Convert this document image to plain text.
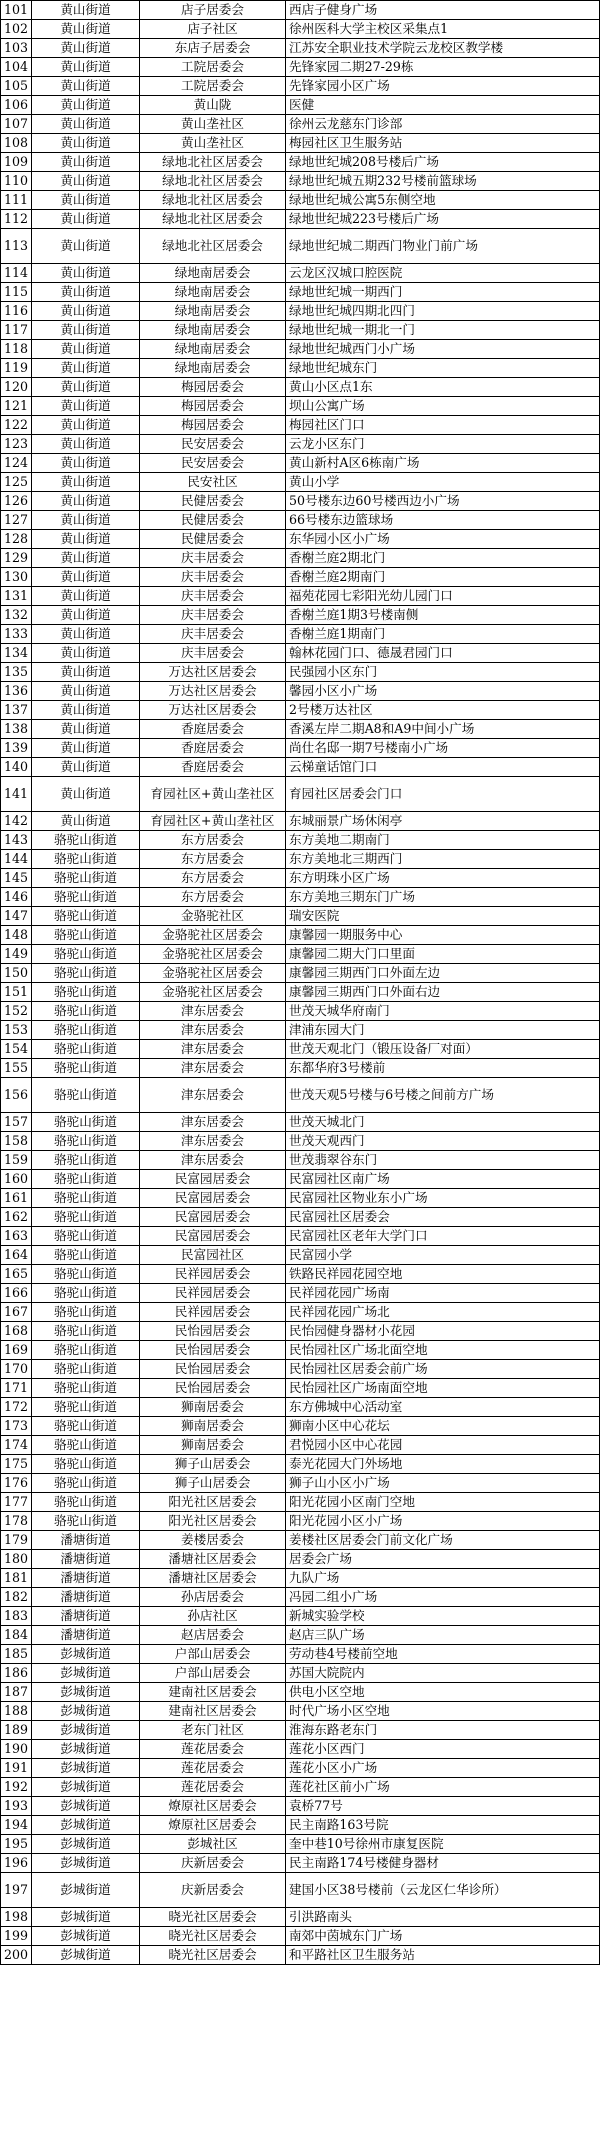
101	黄山街道	店子居委会	西店子健身广场
102	黄山街道	店子社区	徐州医科大学主校区采集点1
103	黄山街道	东店子居委会	江苏安全职业技术学院云龙校区教学楼
104	黄山街道	工院居委会	先锋家园二期27-29栋
105	黄山街道	工院居委会	先锋家园小区广场
106	黄山街道	黄山陇	医健
107	黄山街道	黄山垄社区	徐州云龙慈东门诊部
108	黄山街道	黄山垄社区	梅园社区卫生服务站
109	黄山街道	绿地北社区居委会	绿地世纪城208号楼后广场
110	黄山街道	绿地北社区居委会	绿地世纪城五期232号楼前篮球场
111	黄山街道	绿地北社区居委会	绿地世纪城公寓5东侧空地
112	黄山街道	绿地北社区居委会	绿地世纪城223号楼后广场
113	黄山街道	绿地北社区居委会	绿地世纪城二期西门物业门前广场
114	黄山街道	绿地南居委会	云龙区汉城口腔医院
115	黄山街道	绿地南居委会	绿地世纪城一期西门
116	黄山街道	绿地南居委会	绿地世纪城四期北四门
117	黄山街道	绿地南居委会	绿地世纪城一期北一门
118	黄山街道	绿地南居委会	绿地世纪城西门小广场
119	黄山街道	绿地南居委会	绿地世纪城东门
120	黄山街道	梅园居委会	黄山小区点1东
121	黄山街道	梅园居委会	坝山公寓广场
122	黄山街道	梅园居委会	梅园社区门口
123	黄山街道	民安居委会	云龙小区东门
124	黄山街道	民安居委会	黄山新村A区6栋南广场
125	黄山街道	民安社区	黄山小学
126	黄山街道	民健居委会	50号楼东边60号楼西边小广场
127	黄山街道	民健居委会	66号楼东边篮球场
128	黄山街道	民健居委会	东华园小区小广场
129	黄山街道	庆丰居委会	香榭兰庭2期北门
130	黄山街道	庆丰居委会	香榭兰庭2期南门
131	黄山街道	庆丰居委会	福苑花园七彩阳光幼儿园门口
132	黄山街道	庆丰居委会	香榭兰庭1期3号楼南侧
133	黄山街道	庆丰居委会	香榭兰庭1期南门
134	黄山街道	庆丰居委会	翰林花园门口、德晟君园门口
135	黄山街道	万达社区居委会	民强园小区东门
136	黄山街道	万达社区居委会	馨园小区小广场
137	黄山街道	万达社区居委会	2号楼万达社区
138	黄山街道	香庭居委会	香溪左岸二期A8和A9中间小广场
139	黄山街道	香庭居委会	尚仕名邸一期7号楼南小广场
140	黄山街道	香庭居委会	云梯童话馆门口
141	黄山街道	育园社区+黄山垄社区	育园社区居委会门口
142	黄山街道	育园社区+黄山垄社区	东城丽景广场休闲亭
143	骆驼山街道	东方居委会	东方美地二期南门
144	骆驼山街道	东方居委会	东方美地北三期西门
145	骆驼山街道	东方居委会	东方明珠小区广场
146	骆驼山街道	东方居委会	东方美地三期东门广场
147	骆驼山街道	金骆驼社区	瑞安医院
148	骆驼山街道	金骆驼社区居委会	康馨园一期服务中心
149	骆驼山街道	金骆驼社区居委会	康馨园二期大门口里面
150	骆驼山街道	金骆驼社区居委会	康馨园三期西门口外面左边
151	骆驼山街道	金骆驼社区居委会	康馨园三期西门口外面右边
152	骆驼山街道	津东居委会	世茂天城华府南门
153	骆驼山街道	津东居委会	津浦东园大门
154	骆驼山街道	津东居委会	世茂天观北门（锻压设备厂对面）
155	骆驼山街道	津东居委会	东都华府3号楼前
156	骆驼山街道	津东居委会	世茂天观5号楼与6号楼之间前方广场
157	骆驼山街道	津东居委会	世茂天城北门
158	骆驼山街道	津东居委会	世茂天观西门
159	骆驼山街道	津东居委会	世茂翡翠谷东门
160	骆驼山街道	民富园居委会	民富园社区南广场
161	骆驼山街道	民富园居委会	民富园社区物业东小广场
162	骆驼山街道	民富园居委会	民富园社区居委会
163	骆驼山街道	民富园居委会	民富园社区老年大学门口
164	骆驼山街道	民富园社区	民富园小学
165	骆驼山街道	民祥园居委会	铁路民祥园花园空地
166	骆驼山街道	民祥园居委会	民祥园花园广场南
167	骆驼山街道	民祥园居委会	民祥园花园广场北
168	骆驼山街道	民怡园居委会	民怡园健身器材小花园
169	骆驼山街道	民怡园居委会	民怡园社区广场北面空地
170	骆驼山街道	民怡园居委会	民怡园社区居委会前广场
171	骆驼山街道	民怡园居委会	民怡园社区广场南面空地
172	骆驼山街道	狮南居委会	东方佛城中心活动室
173	骆驼山街道	狮南居委会	狮南小区中心花坛
174	骆驼山街道	狮南居委会	君悦园小区中心花园
175	骆驼山街道	狮子山居委会	泰光花园大门外场地
176	骆驼山街道	狮子山居委会	狮子山小区小广场
177	骆驼山街道	阳光社区居委会	阳光花园小区南门空地
178	骆驼山街道	阳光社区居委会	阳光花园小区小广场
179	潘塘街道	姜楼居委会	姜楼社区居委会门前文化广场
180	潘塘街道	潘塘社区居委会	居委会广场
181	潘塘街道	潘塘社区居委会	九队广场
182	潘塘街道	孙店居委会	冯园二组小广场
183	潘塘街道	孙店社区	新城实验学校
184	潘塘街道	赵店居委会	赵店三队广场
185	彭城街道	户部山居委会	劳动巷4号楼前空地
186	彭城街道	户部山居委会	苏国大院院内
187	彭城街道	建南社区居委会	供电小区空地
188	彭城街道	建南社区居委会	时代广场小区空地
189	彭城街道	老东门社区	淮海东路老东门
190	彭城街道	莲花居委会	莲花小区西门
191	彭城街道	莲花居委会	莲花小区小广场
192	彭城街道	莲花居委会	莲花社区前小广场
193	彭城街道	燎原社区居委会	袁桥77号
194	彭城街道	燎原社区居委会	民主南路163号院
195	彭城街道	彭城社区	奎中巷10号徐州市康复医院
196	彭城街道	庆新居委会	民主南路174号楼健身器材
197	彭城街道	庆新居委会	建国小区38号楼前（云龙区仁华诊所）
198	彭城街道	晓光社区居委会	引洪路南头
199	彭城街道	晓光社区居委会	南郊中茵城东门广场
200	彭城街道	晓光社区居委会	和平路社区卫生服务站
